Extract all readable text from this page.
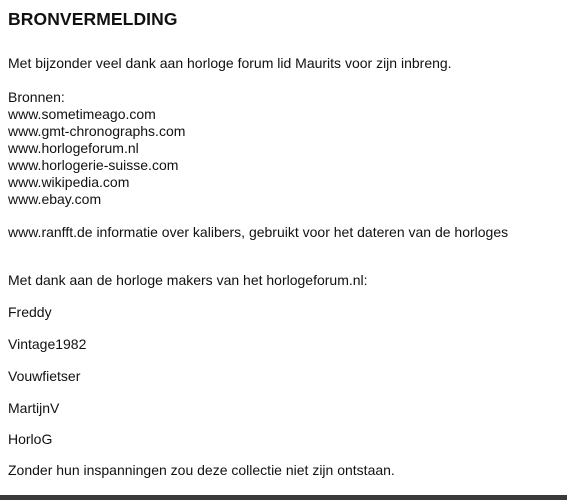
BRONVERMELDING
Met bijzonder veel dank aan horloge forum lid Maurits voor zijn inbreng.
Bronnen:
www.sometimeago.com
www.gmt-chronographs.com
www.horlogeforum.nl
www.horlogerie-suisse.com
www.wikipedia.com
www.ebay.com
www.ranfft.de informatie over kalibers, gebruikt voor het dateren van de horloges
Met dank aan de horloge makers van het horlogeforum.nl:
Freddy
Vintage1982
Vouwfietser
MartijnV
HorloG
Zonder hun inspanningen zou deze collectie niet zijn ontstaan.
